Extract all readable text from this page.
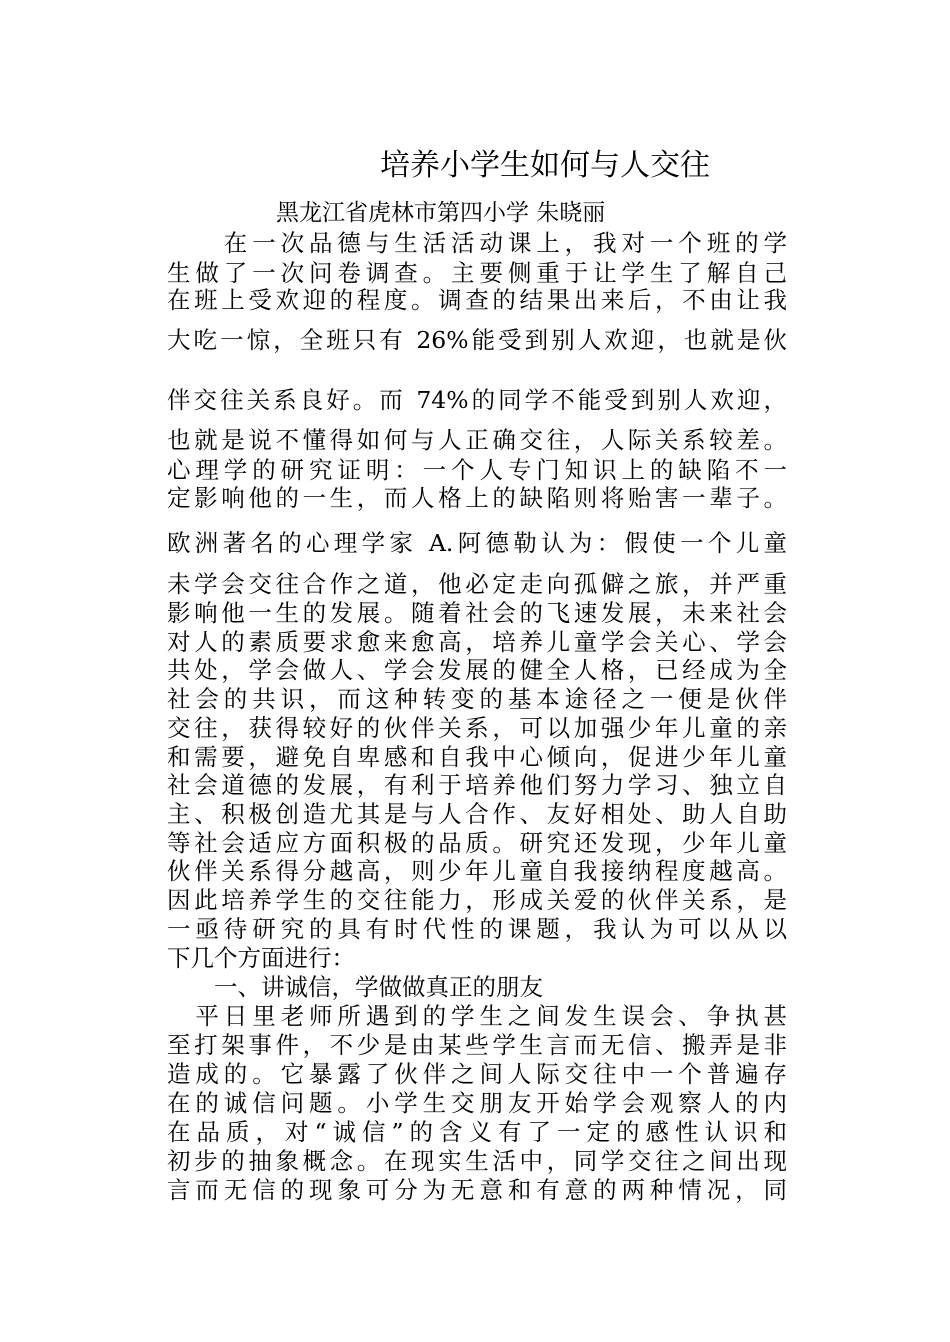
培养小学生如何与人交往
黑龙江省虎林市第四小学 朱晓丽
　　在一次品德与生活活动课上，我对一个班的学
生做了一次问卷调查。主要侧重于让学生了解自己
在班上受欢迎的程度。调查的结果出来后，不由让我
大吃一惊，全班只有 26%能受到别人欢迎，也就是伙
伴交往关系良好。而 74%的同学不能受到别人欢迎，
也就是说不懂得如何与人正确交往，人际关系较差。
心理学的研究证明：一个人专门知识上的缺陷不一
定影响他的一生，而人格上的缺陷则将贻害一辈子。
欧洲著名的心理学家 A.阿德勒认为：假使一个儿童
未学会交往合作之道，他必定走向孤僻之旅，并严重
影响他一生的发展。随着社会的飞速发展，未来社会
对人的素质要求愈来愈高，培养儿童学会关心、学会
共处，学会做人、学会发展的健全人格，已经成为全
社会的共识，而这种转变的基本途径之一便是伙伴
交往，获得较好的伙伴关系，可以加强少年儿童的亲
和需要，避免自卑感和自我中心倾向，促进少年儿童
社会道德的发展，有利于培养他们努力学习、独立自
主、积极创造尤其是与人合作、友好相处、助人自助
等社会适应方面积极的品质。研究还发现，少年儿童
伙伴关系得分越高，则少年儿童自我接纳程度越高。
因此培养学生的交往能力，形成关爱的伙伴关系，是
一亟待研究的具有时代性的课题，我认为可以从以
下几个方面进行：
　　一、讲诚信，学做做真正的朋友
　平日里老师所遇到的学生之间发生误会、争执甚
至打架事件，不少是由某些学生言而无信、搬弄是非
造成的。它暴露了伙伴之间人际交往中一个普遍存
在的诚信问题。小学生交朋友开始学会观察人的内
在品质，对“诚信”的含义有了一定的感性认识和
初步的抽象概念。在现实生活中，同学交往之间出现
言而无信的现象可分为无意和有意的两种情况，同
